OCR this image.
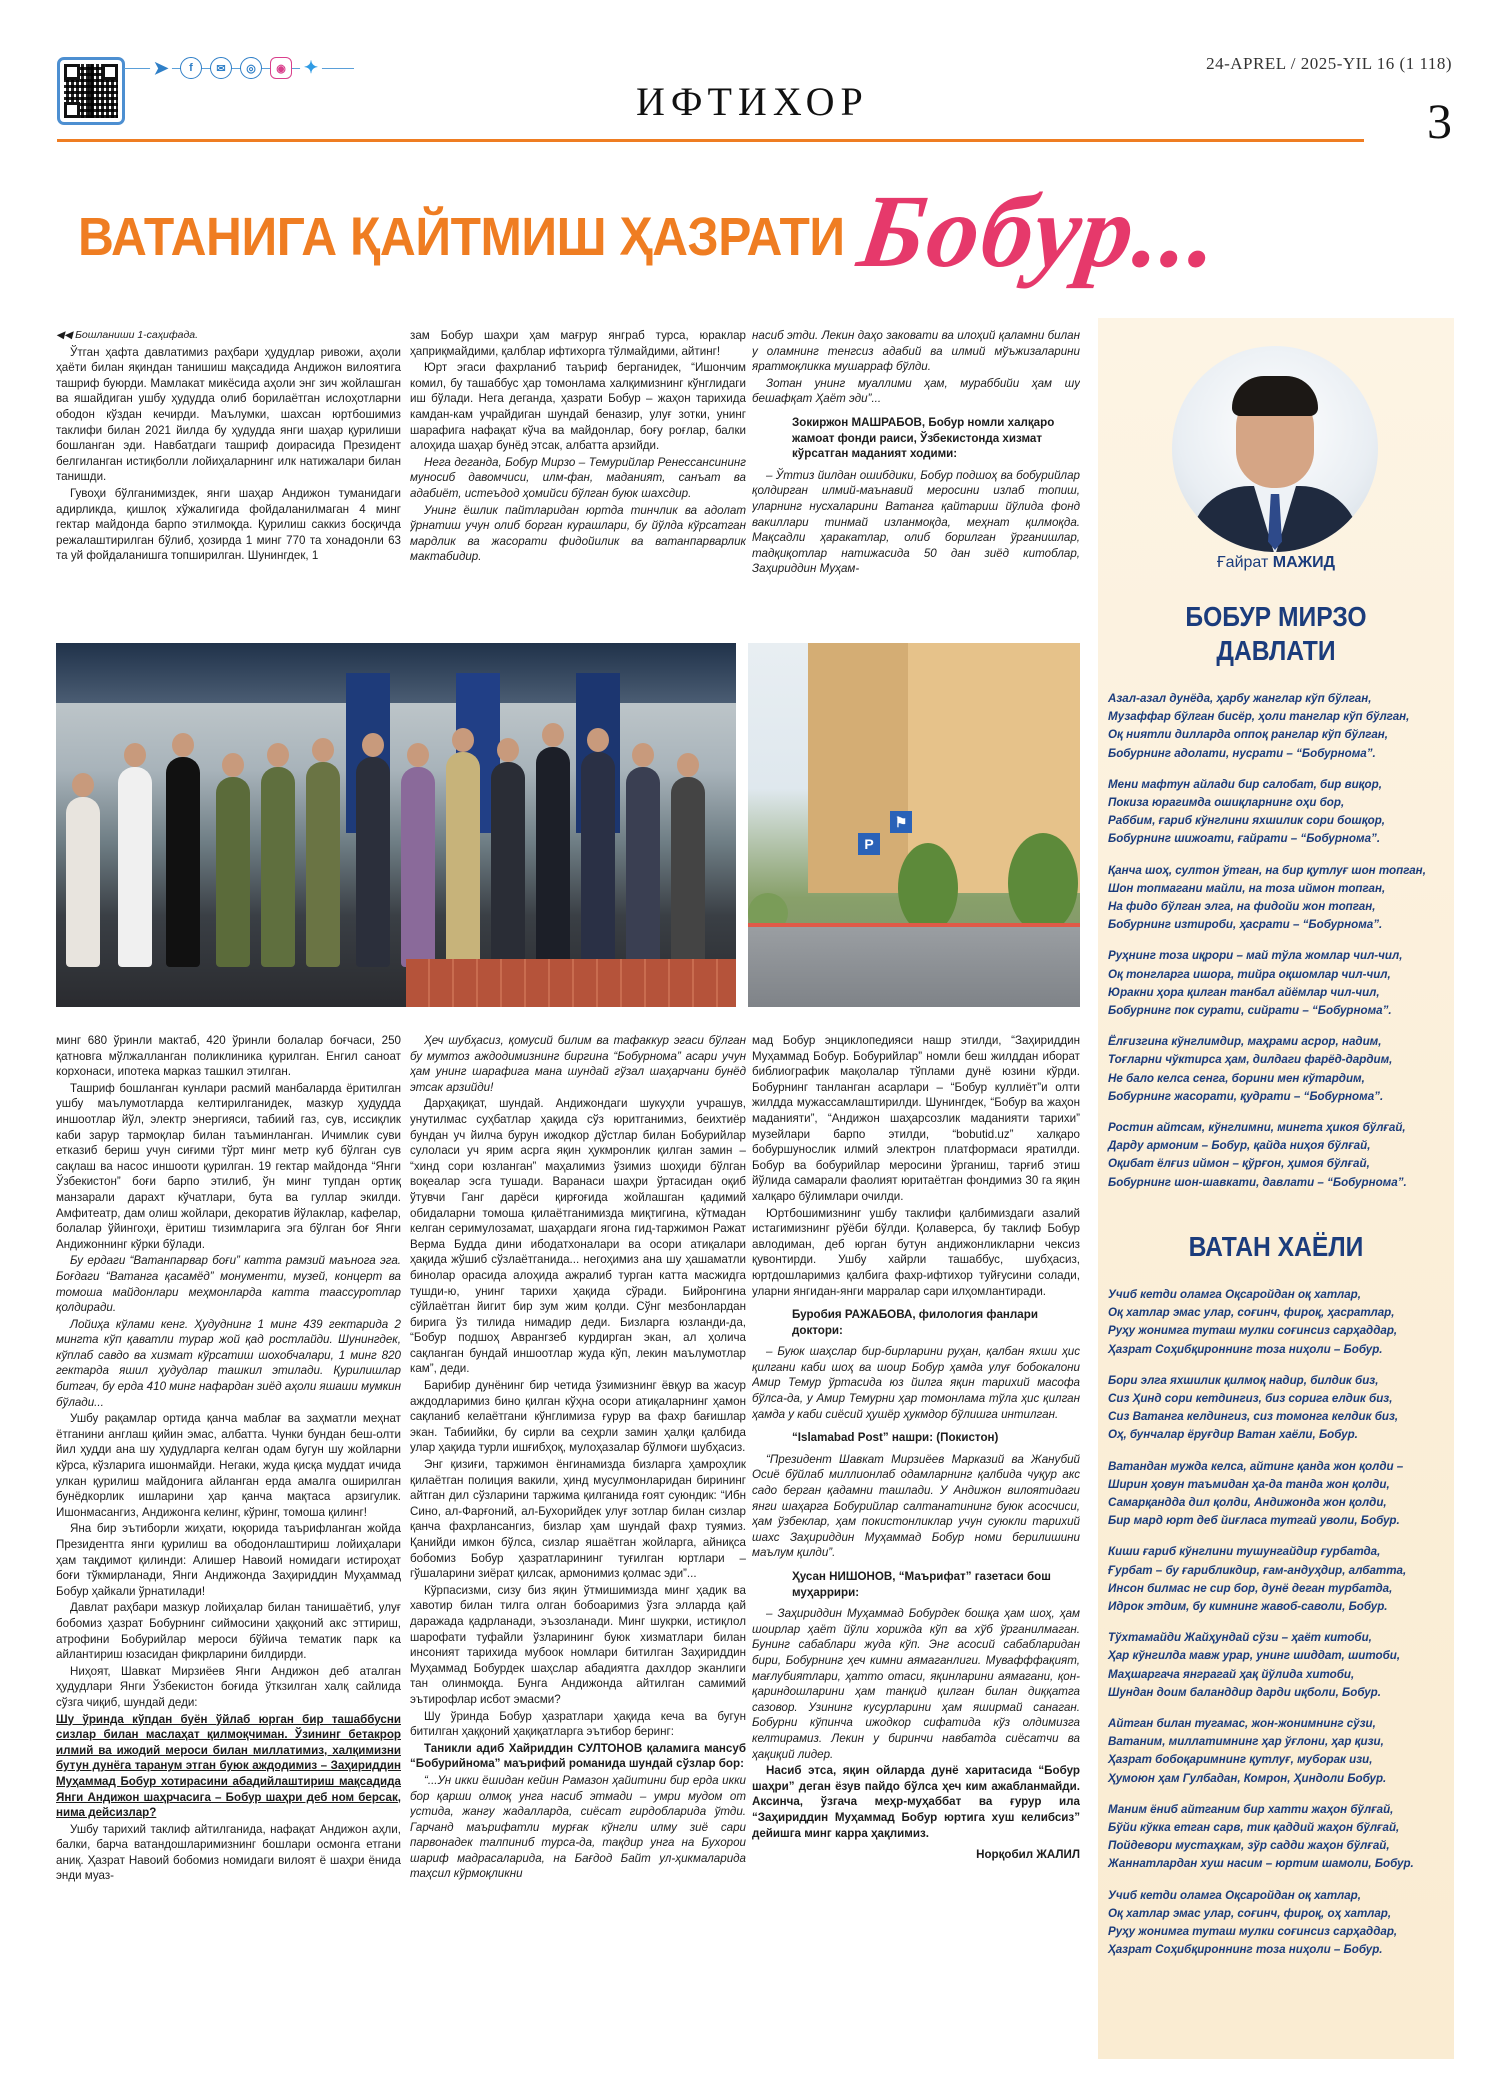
➤	f	✉	◎	◉	✦
ИФТИХОР
24-APREL / 2025-YIL 16 (1 118)
3
ВАТАНИГА ҚАЙТМИШ ҲАЗРАТИ Бобур...

◀◀ Бошланиши 1-саҳифада.

Ўтган ҳафта давлатимиз раҳбари ҳудудлар ривожи, аҳоли ҳаёти билан яқиндан танишиш мақсадида Андижон вилоятига ташриф буюрди. Мамлакат микёсида аҳоли энг зич жойлашган ва яшайдиган ушбу ҳудудда олиб борилаётган ислоҳотларни ободон кўздан кечирди. Маълумки, шахсан юртбошимиз таклифи билан 2021 йилда бу ҳудудда янги шаҳар қурилиши бошланган эди. Навбатдаги ташриф доирасида Президент белгиланган истиқболли лойиҳаларнинг илк натижалари билан танишди.

Гувоҳи бўлганимиздек, янги шаҳар Андижон туманидаги адирликда, қишлоқ хўжалигида фойдаланилмаган 4 минг гектар майдонда барпо этилмоқда. Қурилиш саккиз босқичда режалаштирилган бўлиб, ҳозирда 1 минг 770 та хонадонли 63 та уй фойдаланишга топширилган. Шунингдек, 1

зам Бобур шаҳри ҳам мағрур янграб турса, юраклар ҳаприқмайдими, қалблар ифтихорга тўлмайдими, айтинг!

Юрт эгаси фахрланиб таъриф берганидек, “Ишончим комил, бу ташаббус ҳар томонлама халқимизнинг кўнглидаги иш бўлади. Нега деганда, ҳазрати Бобур – жаҳон тарихида камдан-кам учрайдиган шундай беназир, улуғ зотки, унинг шарафига нафақат кўча ва майдонлар, боғу роғлар, балки алоҳида шаҳар бунёд этсак, албатта арзийди.

Нега деганда, Бобур Мирзо – Темурийлар Ренессансининг муносиб давомчиси, илм-фан, маданият, санъат ва адабиёт, истеъдод ҳомийси бўлган буюк шахсдир.

Унинг ёшлик пайтларидан юртда тинчлик ва адолат ўрнатиш учун олиб борган курашлари, бу йўлда кўрсатган мардлик ва жасорати фидойилик ва ватанпарварлик мактабидир.

насиб этди. Лекин даҳо заковати ва илоҳий қаламни билан у оламнинг тенгсиз адабий ва илмий мўъжизаларини яратмоқликка мушарраф бўлди.

Зотан унинг муаллими ҳам, мураббийи ҳам шу бешафқат Ҳаёт эди”...

Зокиржон МАШРАБОВ, Бобур номли халқаро жамоат фонди раиси, Ўзбекистонда хизмат кўрсатган маданият ходими:

– Ўттиз йилдан ошибдики, Бобур подшоҳ ва бобурийлар қолдирган илмий-маънавий меросини излаб топиш, уларнинг нусхаларини Ватанга қайтариш йўлида фонд вакиллари тинмай изланмоқда, меҳнат қилмоқда. Мақсадли ҳаракатлар, олиб борилган ўрганишлар, тадқиқотлар натижасида 50 дан зиёд китоблар, Заҳириддин Муҳам-

P
⚑

минг 680 ўринли мактаб, 420 ўринли болалар боғчаси, 250 қатновга мўлжалланган поликлиника қурилган. Енгил саноат корхонаси, ипотека марказ ташкил этилган.

Ташриф бошланган кунлари расмий манбаларда ёритилган ушбу маълумотларда келтирилганидек, мазкур ҳудудда иншоотлар йўл, электр энергияси, табиий газ, сув, иссиқлик каби зарур тармоқлар билан таъминланган. Ичимлик суви етказиб бериш учун сиғими тўрт минг метр куб бўлган сув сақлаш ва насос иншооти қурилган. 19 гектар майдонда “Янги Ўзбекистон” боғи барпо этилиб, ўн минг тупдан ортиқ манзарали дарахт кўчатлари, бута ва гуллар экилди. Амфитеатр, дам олиш жойлари, декоратив йўлаклар, кафелар, болалар ўйингоҳи, ёритиш тизимларига эга бўлган боғ Янги Андижоннинг кўрки бўлади.

Бу ердаги “Ватанпарвар боғи” катта рамзий маънога эга. Боғдаги “Ватанга қасамёд” монументи, музей, концерт ва томоша майдонлари меҳмонларда катта таассуротлар қолдиради.

Лойиҳа кўлами кенг. Ҳудуднинг 1 минг 439 гектарида 2 мингта кўп қаватли турар жой қад ростлайди. Шунингдек, кўплаб савдо ва хизмат кўрсатиш шохобчалари, 1 минг 820 гектарда яшил ҳудудлар ташкил этилади. Қурилишлар битгач, бу ерда 410 минг нафардан зиёд аҳоли яшаши мумкин бўлади...

Ушбу рақамлар ортида қанча маблағ ва заҳматли меҳнат ётганини англаш қийин эмас, албатта. Чунки бундан беш-олти йил ҳудди ана шу ҳудудларга келган одам бугун шу жойларни кўрса, кўзларига ишонмайди. Негаки, жуда қисқа муддат ичида улкан қурилиш майдонига айланган ерда амалга оширилган бунёдкорлик ишларини ҳар қанча мақтаса арзигулик. Ишонмасангиз, Андижонга келинг, кўринг, томоша қилинг!

Яна бир эътиборли жиҳати, юқорида таърифланган жойда Президентга янги қурилиш ва ободонлаштириш лойиҳалари ҳам тақдимот қилинди: Алишер Навоий номидаги истироҳат боғи тўкмирланади, Янги Андижонда Заҳириддин Муҳаммад Бобур ҳайкали ўрнатилади!

Давлат раҳбари мазкур лойиҳалар билан танишаётиб, улуғ бобомиз ҳазрат Бобурнинг сиймосини ҳаққоний акс эттириш, атрофини Бобурийлар мероси бўйича тематик парк ка айлантириш юзасидан фикрларини билдирди.

Ниҳоят, Шавкат Мирзиёев Янги Андижон деб аталган ҳудудлари Янги Ўзбекистон боғида ўткзилган халқ сайлида сўзга чиқиб, шундай деди:

Шу ўринда кўпдан буён ўйлаб юрган бир ташаббусни сизлар билан маслаҳат қилмоқчиман. Ўзининг бетакрор илмий ва ижодий мероси билан миллатимиз, халқимизни бутун дунёга таранум этган буюк аждодимиз – Заҳириддин Муҳаммад Бобур хотирасини абадийлаштириш мақсадида Янги Андижон шаҳрчасига – Бобур шаҳри деб ном берсак, нима дейсизлар?

Ушбу тарихий таклиф айтилганида, нафақат Андижон аҳли, балки, барча ватандошларимизнинг бошлари осмонга етгани аниқ. Ҳазрат Навоий бобомиз номидаги вилоят ё шаҳри ёнида энди муаз-

Ҳеч шубҳасиз, қомусий билим ва тафаккур эгаси бўлган бу мумтоз аждодимизнинг биргина “Бобурнома” асари учун ҳам унинг шарафига мана шундай гўзал шаҳарчани бунёд этсак арзийди!

Дарҳақиқат, шундай. Андижондаги шукуҳли учрашув, унутилмас суҳбатлар ҳақида сўз юритганимиз, беихтиёр бундан уч йилча бурун ижодкор дўстлар билан Бобурийлар сулоласи уч ярим асрга яқин ҳукмронлик қилган замин – “хинд сори юзланган” маҳалимиз ўзимиз шоҳиди бўлган воқеалар эсга тушади. Варанаси шаҳри ўртасидан оқиб ўтувчи Ганг дарёси қирғоғида жойлашган қадимий обидаларни томоша қилаётганимизда миқтигина, кўтмадан келган серимулозамат, шаҳардаги ягона гид-таржимон Ражат Верма Будда дини ибодатхоналари ва осори атиқалари ҳақида жўшиб сўзлаётганида... негоҳимиз ана шу ҳашаматли бинолар орасида алоҳида ажралиб турган катта масжидга тушди-ю, унинг тарихи ҳақида сўради. Бийронгина сўйлаётган йигит бир зум жим қолди. Сўнг мезбонлардан бирига ўз тилида нимадир деди. Бизларга юзланди-да, “Бобур подшоҳ Аврангзеб курдирган экан, ал ҳолича сақланган бундай иншоотлар жуда кўп, лекин маълумотлар кам”, деди.

Барибир дунёнинг бир четида ўзимизнинг ёвқур ва жасур аждодларимиз бино қилган кўҳна осори атиқаларнинг ҳамон сақланиб келаётгани кўнглимиза ғурур ва фахр бағишлар экан. Табиийки, бу сирли ва сеҳрли замин ҳалқи қалбида улар ҳақида турли ишғибҳоқ, мулоҳазалар бўлмоғи шубҳасиз.

Энг қизиғи, таржимон ёнгинамизда бизларга ҳамроҳлик қилаётган полиция вакили, ҳинд мусулмонларидан бирининг айтган дил сўзларини таржима қилганида ғоят суюндик: “Ибн Сино, ал-Фарғоний, ал-Бухорийдек улуғ зотлар билан сизлар қанча фахрлансангиз, бизлар ҳам шундай фахр туямиз. Қанийди имкон бўлса, сизлар яшаётган жойларга, айниқса бобомиз Бобур ҳазратларининг туғилган юртлари – гўшаларини зиёрат қилсак, армонимиз қолмас эди”...

Кўрпасизми, сизу биз яқин ўтмишимизда минг ҳадик ва хавотир билан тилга олган бобоаримиз ўзга элларда қай даражада қадрланади, эъзозланади. Минг шукрки, истиқлол шарофати туфайли ўзларининг буюк хизматлари билан инсоният тарихида мубоок номлари битилган Заҳириддин Муҳаммад Бобурдек шаҳслар абадиятга дахлдор эканлиги тан олинмоқда. Бунга Андижонда айтилган самимий эътирофлар исбот эмасми?

Шу ўринда Бобур ҳазратлари ҳақида кеча ва бугун битилган ҳаққоний ҳақиқатларга эътибор беринг:

Таникли адиб Хайриддин СУЛТОНОВ қаламига мансуб “Бобурийнома” маърифий романида шундай сўзлар бор:

“...Ун икки ёшидан кейин Рамазон ҳайитини бир ерда икки бор қарши олмоқ унга насиб этмади – умри мудом от устида, жангу жадалларда, сиёсат гирдобларида ўтди. Гарчанд маърифатли мурғак кўнгли илму зиё сари парвонадек талпиниб турса-да, тақдир унга на Бухорои шариф мадрасаларида, на Бағдод Байт ул-ҳикмаларида таҳсил кўрмоқликни

мад Бобур энциклопедияси нашр этилди, “Заҳириддин Муҳаммад Бобур. Бобурийлар” номли беш жилддан иборат библиографик мақолалар тўплами дунё юзини кўрди. Бобурнинг танланган асарлари – “Бобур куллиёт”и олти жилдда мужассамлаштирилди. Шунингдек, “Бобур ва жаҳон маданияти”, “Андижон шаҳарсозлик маданияти тарихи” музейлари барпо этилди, “bobutid.uz” халқаро бобуршунослик илмий электрон платформаси яратилди. Бобур ва бобурийлар меросини ўрганиш, тарғиб этиш йўлида самарали фаолият юритаётган фондимиз 30 га яқин халқаро бўлимлари очилди.

Юртбошимизнинг ушбу таклифи қалбимиздаги азалий истагимизнинг рўёби бўлди. Қолаверса, бу таклиф Бобур авлодиман, деб юрган бутун андижонликларни чексиз қувонтирди. Ушбу хайрли ташаббус, шубҳасиз, юртдошларимиз қалбига фахр-ифтихор туйғусини солади, уларни янгидан-янги марралар сари илҳомлантиради.

Буробия РАЖАБОВА, филология фанлари доктори:

– Буюк шаҳслар бир-бирларини руҳан, қалбан яхши ҳис қилгани каби шоҳ ва шоир Бобур ҳамда улуғ бобокалони Амир Темур ўртасида юз йилга яқин тарихий масофа бўлса-да, у Амир Темурни ҳар томонлама тўла ҳис қилган ҳамда у каби сиёсий ҳушёр ҳукмдор бўлишга интилган.

“Islamabad Post” нашри: (Покистон)

“Президент Шавкат Мирзиёев Марказий ва Жанубий Осиё бўйлаб миллионлаб одамларнинг қалбида чуқур акс садо берган қадамни ташлади. У Андижон вилоятидаги янги шаҳарга Бобурийлар салтанатининг буюк асосчиси, ҳам ўзбеклар, ҳам покистонликлар учун суюкли тарихий шахс Заҳириддин Муҳаммад Бобур номи берилишини маълум қилди”.

Ҳусан НИШОНОВ, “Маърифат” газетаси бош муҳаррири:

– Заҳириддин Муҳаммад Бобурдек бошқа ҳам шоҳ, ҳам шоирлар ҳаёт йўли хорижда кўп ва хўб ўрганилмаган. Бунинг сабаблари жуда кўп. Энг асосий сабабларидан бири, Бобурнинг ҳеч кимни аямаганлиги. Мувафффақият, мағлубиятлари, ҳатто отаси, яқинларини аямагани, қон-қариндошларини ҳам танқид қилган билан диққатга сазовор. Узининг кусурларини ҳам яширмай санаган. Бобурни кўпинча ижодкор сифатида кўз олдимизга келтирамиз. Лекин у биринчи навбатда сиёсатчи ва ҳақиқий лидер.

Насиб этса, яқин ойларда дунё харитасида “Бобур шаҳри” деган ёзув пайдо бўлса ҳеч ким ажабланмайди. Аксинча, ўзгача меҳр-муҳаббат ва ғурур ила “Заҳириддин Муҳаммад Бобур юртига хуш келибсиз” дейишга минг карра ҳақлимиз.

Норқобил ЖАЛИЛ

Ғайрат МАЖИД
БОБУР МИРЗО ДАВЛАТИ
Азал-азал дунёда, ҳарбу жанглар кўп бўлган,
Музаффар бўлган бисёр, ҳоли танглар кўп бўлган,
Оқ ниятли дилларда оппоқ ранглар кўп бўлган,
Бобурнинг адолати, нусрати – “Бобурнома”.
Мени мафтун айлади бир салобат, бир виқор,
Покиза юрагимда ошиқларнинг оҳи бор,
Раббим, ғариб кўнглини яхшилик сори бошқор,
Бобурнинг шижоати, ғайрати – “Бобурнома”.
Қанча шоҳ, султон ўтган, на бир қутлуғ шон топган,
Шон топмагани майли, на тоза иймон топган,
На фидо бўлган элга, на фидойи жон топган,
Бобурнинг изтироби, ҳасрати – “Бобурнома”.
Руҳнинг тоза иқрори – май тўла жомлар чил-чил,
Оқ тонгларга ишора, тийра оқшомлар чил-чил,
Юракни ҳора қилган танбал айёмлар чил-чил,
Бобурнинг пок сурати, сийрати – “Бобурнома”.
Ёлғизгина кўнглимдир, маҳрами асрор, надим,
Тоғларни чўктирса ҳам, дилдаги фарёд-дардим,
Не бало келса сенга, борини мен кўтардим,
Бобурнинг жасорати, қудрати – “Бобурнома”.
Ростин айтсам, кўнглимни, мингта ҳикоя бўлғай,
Дарду армоним – Бобур, қайда ниҳоя бўлғай,
Оқибат ёлғиз иймон – қўрғон, ҳимоя бўлғай,
Бобурнинг шон-шавкати, давлати – “Бобурнома”.
ВАТАН ХАЁЛИ
Учиб кетди оламга Оқсаройдан оқ хатлар,
Оқ хатлар эмас улар, соғинч, фироқ, ҳасратлар,
Руҳу жонимга туташ мулки соғинсиз сарҳаддар,
Ҳазрат Соҳибқироннинг тоза ниҳоли – Бобур.
Бори элга яхшилик қилмоқ надир, билдик биз,
Сиз Ҳинд сори кетдингиз, биз сорига елдик биз,
Сиз Ватанга келдингиз, сиз томонга келдик биз,
Оҳ, бунчалар ёруғдир Ватан хаёли, Бобур.
Ватандан мужда келса, айтинг қанда жон қолди –
Ширин ҳовун таъмидан ҳа-да танда жон қолди,
Самарқандда дил қолди, Андижонда жон қолди,
Бир мард юрт деб йиғласа тутгай уволи, Бобур.
Киши ғариб кўнглини тушунгайдир ғурбатда,
Ғурбат – бу ғарибликдир, ғам-андуҳдир, албатта,
Инсон билмас не сир бор, дунё деган турбатда,
Идрок этдим, бу кимнинг жавоб-саволи, Бобур.
Тўхтамайди Жайҳундай сўзи – ҳаёт китоби,
Ҳар кўнгилда мавж урар, унинг шиддат, шитоби,
Маҳшаргача янграгай ҳақ йўлида хитоби,
Шундан доим баланддир дарди иқболи, Бобур.
Айтган билан тугамас, жон-жонимнинг сўзи,
Ватаним, миллатимнинг ҳар ўғлони, ҳар қизи,
Ҳазрат бобоқаримнинг қутлуғ, муборак изи,
Ҳумоюн ҳам Гулбадан, Комрон, Ҳиндоли Бобур.
Маним ёниб айтганим бир хатти жаҳон бўлғай,
Бўйи кўкка етган сарв, тик қаддий жаҳон бўлғай,
Пойдевори мустаҳкам, зўр садди жаҳон бўлғай,
Жаннатлардан хуш насим – юртим шамоли, Бобур.
Учиб кетди оламга Оқсаройдан оқ хатлар,
Оқ хатлар эмас улар, соғинч, фироқ, оҳ хатлар,
Руҳу жонимга туташ мулки соғинсиз сарҳаддар,
Ҳазрат Соҳибқироннинг тоза ниҳоли – Бобур.
